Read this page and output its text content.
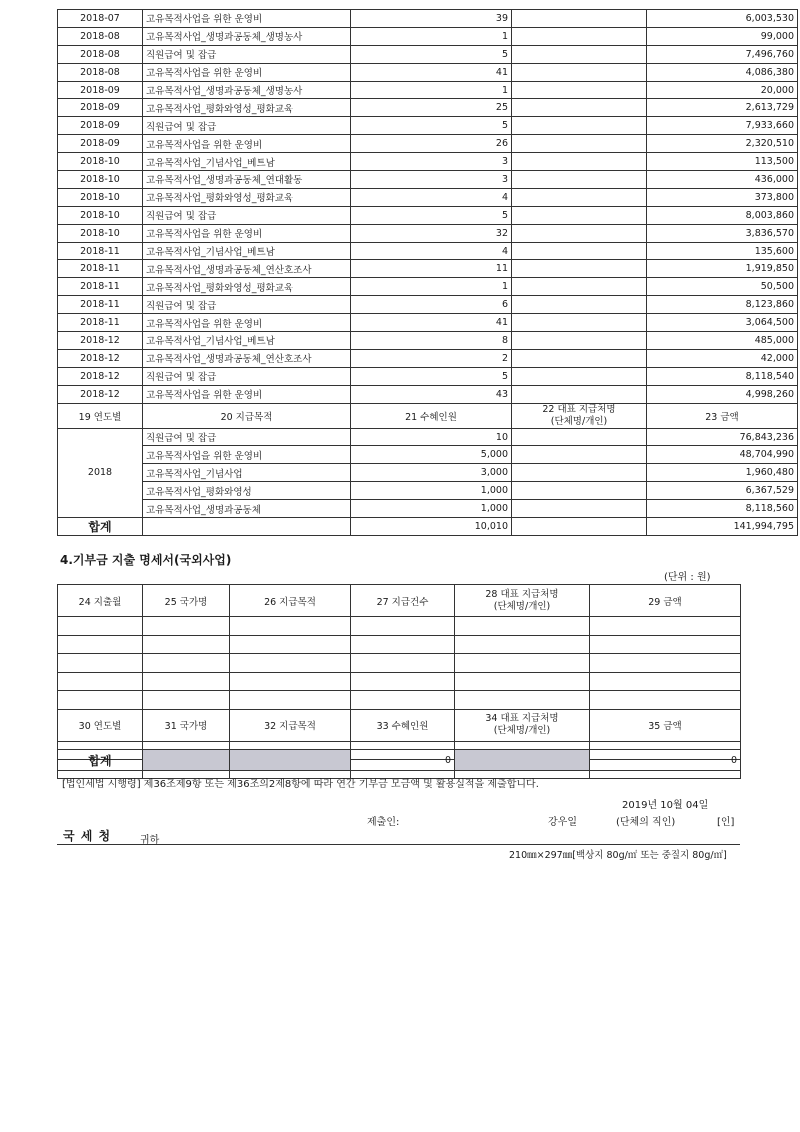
2018-07	고유목적사업을 위한 운영비	39		6,003,530
2018-08	고유목적사업_생명과공동체_생명농사	1		99,000
2018-08	직원급여 및 잡급	5		7,496,760
2018-08	고유목적사업을 위한 운영비	41		4,086,380
2018-09	고유목적사업_생명과공동체_생명농사	1		20,000
2018-09	고유목적사업_평화와영성_평화교육	25		2,613,729
2018-09	직원급여 및 잡급	5		7,933,660
2018-09	고유목적사업을 위한 운영비	26		2,320,510
2018-10	고유목적사업_기념사업_베트남	3		113,500
2018-10	고유목적사업_생명과공동체_연대활동	3		436,000
2018-10	고유목적사업_평화와영성_평화교육	4		373,800
2018-10	직원급여 및 잡급	5		8,003,860
2018-10	고유목적사업을 위한 운영비	32		3,836,570
2018-11	고유목적사업_기념사업_베트남	4		135,600
2018-11	고유목적사업_생명과공동체_연산호조사	11		1,919,850
2018-11	고유목적사업_평화와영성_평화교육	1		50,500
2018-11	직원급여 및 잡급	6		8,123,860
2018-11	고유목적사업을 위한 운영비	41		3,064,500
2018-12	고유목적사업_기념사업_베트남	8		485,000
2018-12	고유목적사업_생명과공동체_연산호조사	2		42,000
2018-12	직원급여 및 잡급	5		8,118,540
2018-12	고유목적사업을 위한 운영비	43		4,998,260
19 연도별	20 지급목적	21 수혜인원	22 대표 지급처명
(단체명/개인)	23 금액
2018	직원급여 및 잡급	10		76,843,236
	고유목적사업을 위한 운영비	5,000		48,704,990
	고유목적사업_기념사업	3,000		1,960,480
	고유목적사업_평화와영성	1,000		6,367,529
	고유목적사업_생명과공동체	1,000		8,118,560
합계		10,010		141,994,795
4.기부금 지출 명세서(국외사업)
(단위 : 원)
24 지출월	25 국가명	26 지급목적	27 지급건수	28 대표 지급처명
(단체명/개인)	29 금액

30 연도별	31 국가명	32 지급목적	33 수혜인원	34 대표 지급처명
(단체명/개인)	35 금액

합계			0		0
[법인세법 시행령] 제36조제9항 또는 제36조의2제8항에 따라 연간 기부금 모금액 및 활용실적을 제출합니다.
2019년 10월 04일
제출인:	강우일	(단체의 직인)	[인]
국 세 청	귀하
210㎜×297㎜[백상지 80g/㎡ 또는 중질지 80g/㎡]
